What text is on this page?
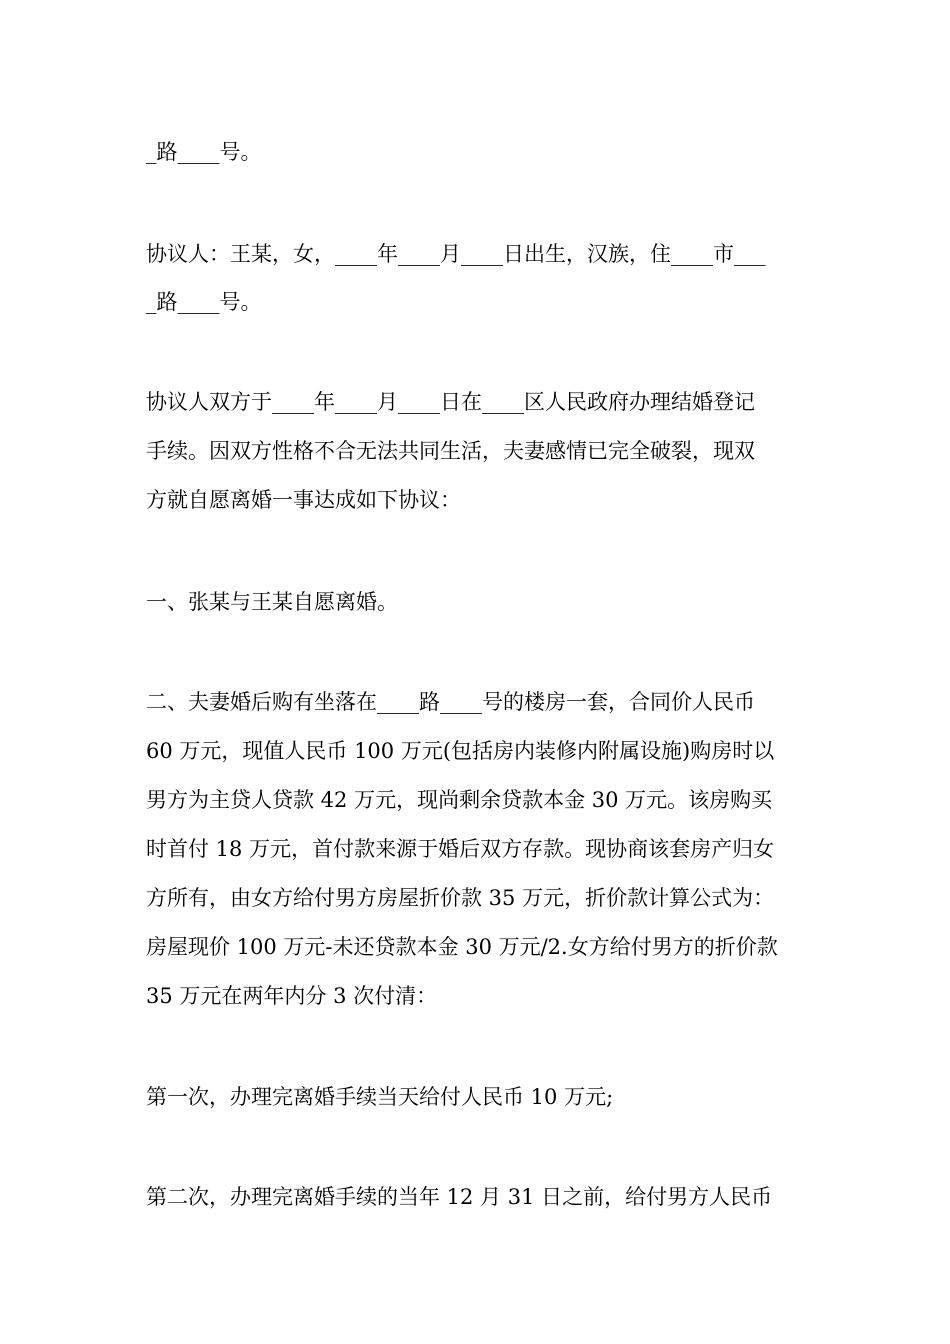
_路____号。
协议人：王某，女，____年____月____日出生，汉族，住____市___
_路____号。
协议人双方于____年____月____日在____区人民政府办理结婚登记
手续。因双方性格不合无法共同生活，夫妻感情已完全破裂，现双
方就自愿离婚一事达成如下协议：
一、张某与王某自愿离婚。
二、夫妻婚后购有坐落在____路____号的楼房一套，合同价人民币
60 万元，现值人民币 100 万元(包括房内装修内附属设施)购房时以
男方为主贷人贷款 42 万元，现尚剩余贷款本金 30 万元。该房购买
时首付 18 万元，首付款来源于婚后双方存款。现协商该套房产归女
方所有，由女方给付男方房屋折价款 35 万元，折价款计算公式为：
房屋现价 100 万元-未还贷款本金 30 万元/2.女方给付男方的折价款
35 万元在两年内分 3 次付清：
第一次，办理完离婚手续当天给付人民币 10 万元;
第二次，办理完离婚手续的当年 12 月 31 日之前，给付男方人民币
